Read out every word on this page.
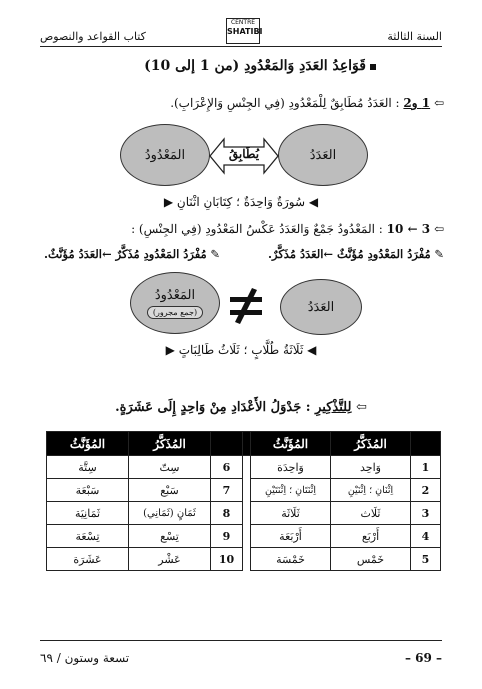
كتاب القواعد والنصوص	السنة الثالثة
CENTRE
SHATIBI
قَوَاعِدُ العَدَدِ وَالمَعْدُودِ (من 1 إلى 10)
⇦ 1 و2 : العَدَدُ مُطَابِقٌ لِلْمَعْدُودِ (فِي الجِنْسِ وَالإِعْرَابِ).
المَعْدُودُ	العَدَدُ
يُطَابِقُ
◀ سُورَةٌ وَاحِدَةٌ ؛ كِتَابَانِ اثْنَانِ ▶
⇦ 3 ← 10 : المَعْدُودُ جَمْعٌ وَالعَدَدُ عَكْسُ المَعْدُودِ (فِي الجِنْسِ) :
✎ مُفْرَدُ المَعْدُودِ مُؤَنَّثٌ ←العَدَدُ مُذَكَّرٌ.
✎ مُفْرَدُ المَعْدُودِ مُذَكَّرٌ ←العَدَدُ مُؤَنَّثٌ.
المَعْدُودُ
(جمع مجرور)	العَدَدُ
◀ ثَلَاثَةُ طُلَّابٍ ؛ ثَلَاثُ طَالِبَاتٍ ▶
⇦ لِلتَّذْكِيرِ : جَدْوَلُ الأَعْدَادِ مِنْ وَاحِدٍ إِلَى عَشَرَةٍ.
	المُذَكَّرُ	المُؤَنَّثُ			المُذَكَّرُ	المُؤَنَّثُ
1	وَاحِد	وَاحِدَة		6	سِتّ	سِتَّة
2	اِثْنَانِ ؛ اِثْنَيْنِ	اِثْنَتَانِ ؛ اِثْنَتَيْنِ		7	سَبْع	سَبْعَة
3	ثَلَاث	ثَلَاثَة		8	ثَمَانٍ (ثَمَانِي)	ثَمَانِيَة
4	أَرْبَع	أَرْبَعَة		9	تِسْع	تِسْعَة
5	خَمْس	خَمْسَة		10	عَشْر	عَشَرَة
– 69 –
تسعة وستون / ٦٩
